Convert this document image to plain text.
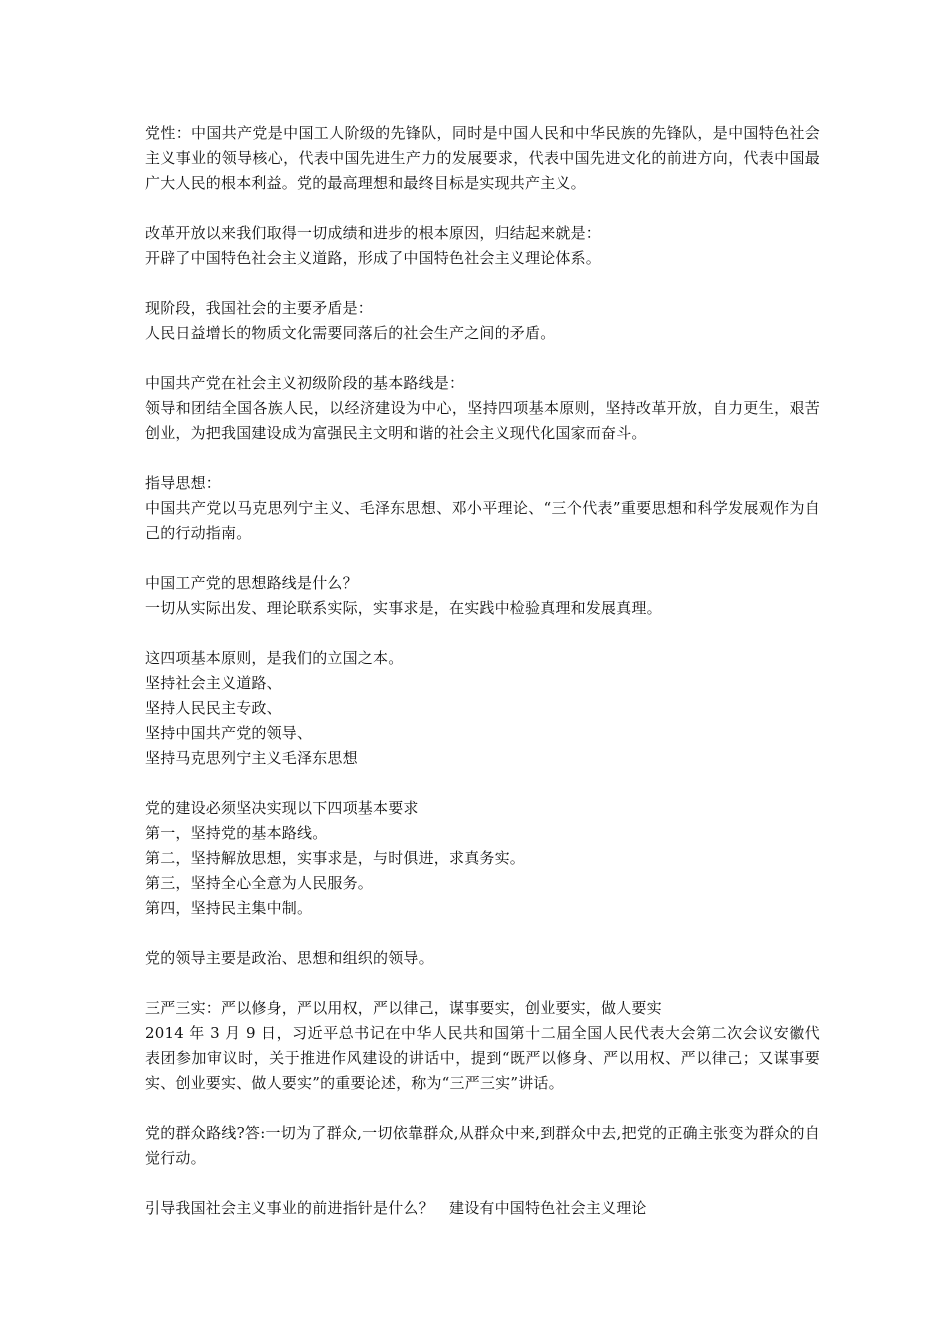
党性：中国共产党是中国工人阶级的先锋队，同时是中国人民和中华民族的先锋队，是中国特色社会主义事业的领导核心，代表中国先进生产力的发展要求，代表中国先进文化的前进方向，代表中国最广大人民的根本利益。党的最高理想和最终目标是实现共产主义。
改革开放以来我们取得一切成绩和进步的根本原因，归结起来就是：
开辟了中国特色社会主义道路，形成了中国特色社会主义理论体系。
现阶段，我国社会的主要矛盾是：
人民日益增长的物质文化需要同落后的社会生产之间的矛盾。
中国共产党在社会主义初级阶段的基本路线是：
领导和团结全国各族人民，以经济建设为中心，坚持四项基本原则，坚持改革开放，自力更生，艰苦创业，为把我国建设成为富强民主文明和谐的社会主义现代化国家而奋斗。
指导思想：
中国共产党以马克思列宁主义、毛泽东思想、邓小平理论、“三个代表”重要思想和科学发展观作为自己的行动指南。
中国工产党的思想路线是什么？
一切从实际出发、理论联系实际，实事求是，在实践中检验真理和发展真理。
这四项基本原则，是我们的立国之本。
坚持社会主义道路、
坚持人民民主专政、
坚持中国共产党的领导、
坚持马克思列宁主义毛泽东思想
党的建设必须坚决实现以下四项基本要求
第一，坚持党的基本路线。
第二，坚持解放思想，实事求是，与时俱进，求真务实。
第三，坚持全心全意为人民服务。
第四，坚持民主集中制。
党的领导主要是政治、思想和组织的领导。
三严三实：严以修身，严以用权，严以律己，谋事要实，创业要实，做人要实
2014 年 3 月 9 日，习近平总书记在中华人民共和国第十二届全国人民代表大会第二次会议安徽代表团参加审议时，关于推进作风建设的讲话中，提到“既严以修身、严以用权、严以律己；又谋事要实、创业要实、做人要实”的重要论述，称为“三严三实”讲话。
党的群众路线?答:一切为了群众,一切依靠群众,从群众中来,到群众中去,把党的正确主张变为群众的自觉行动。
引导我国社会主义事业的前进指针是什么？　建设有中国特色社会主义理论
